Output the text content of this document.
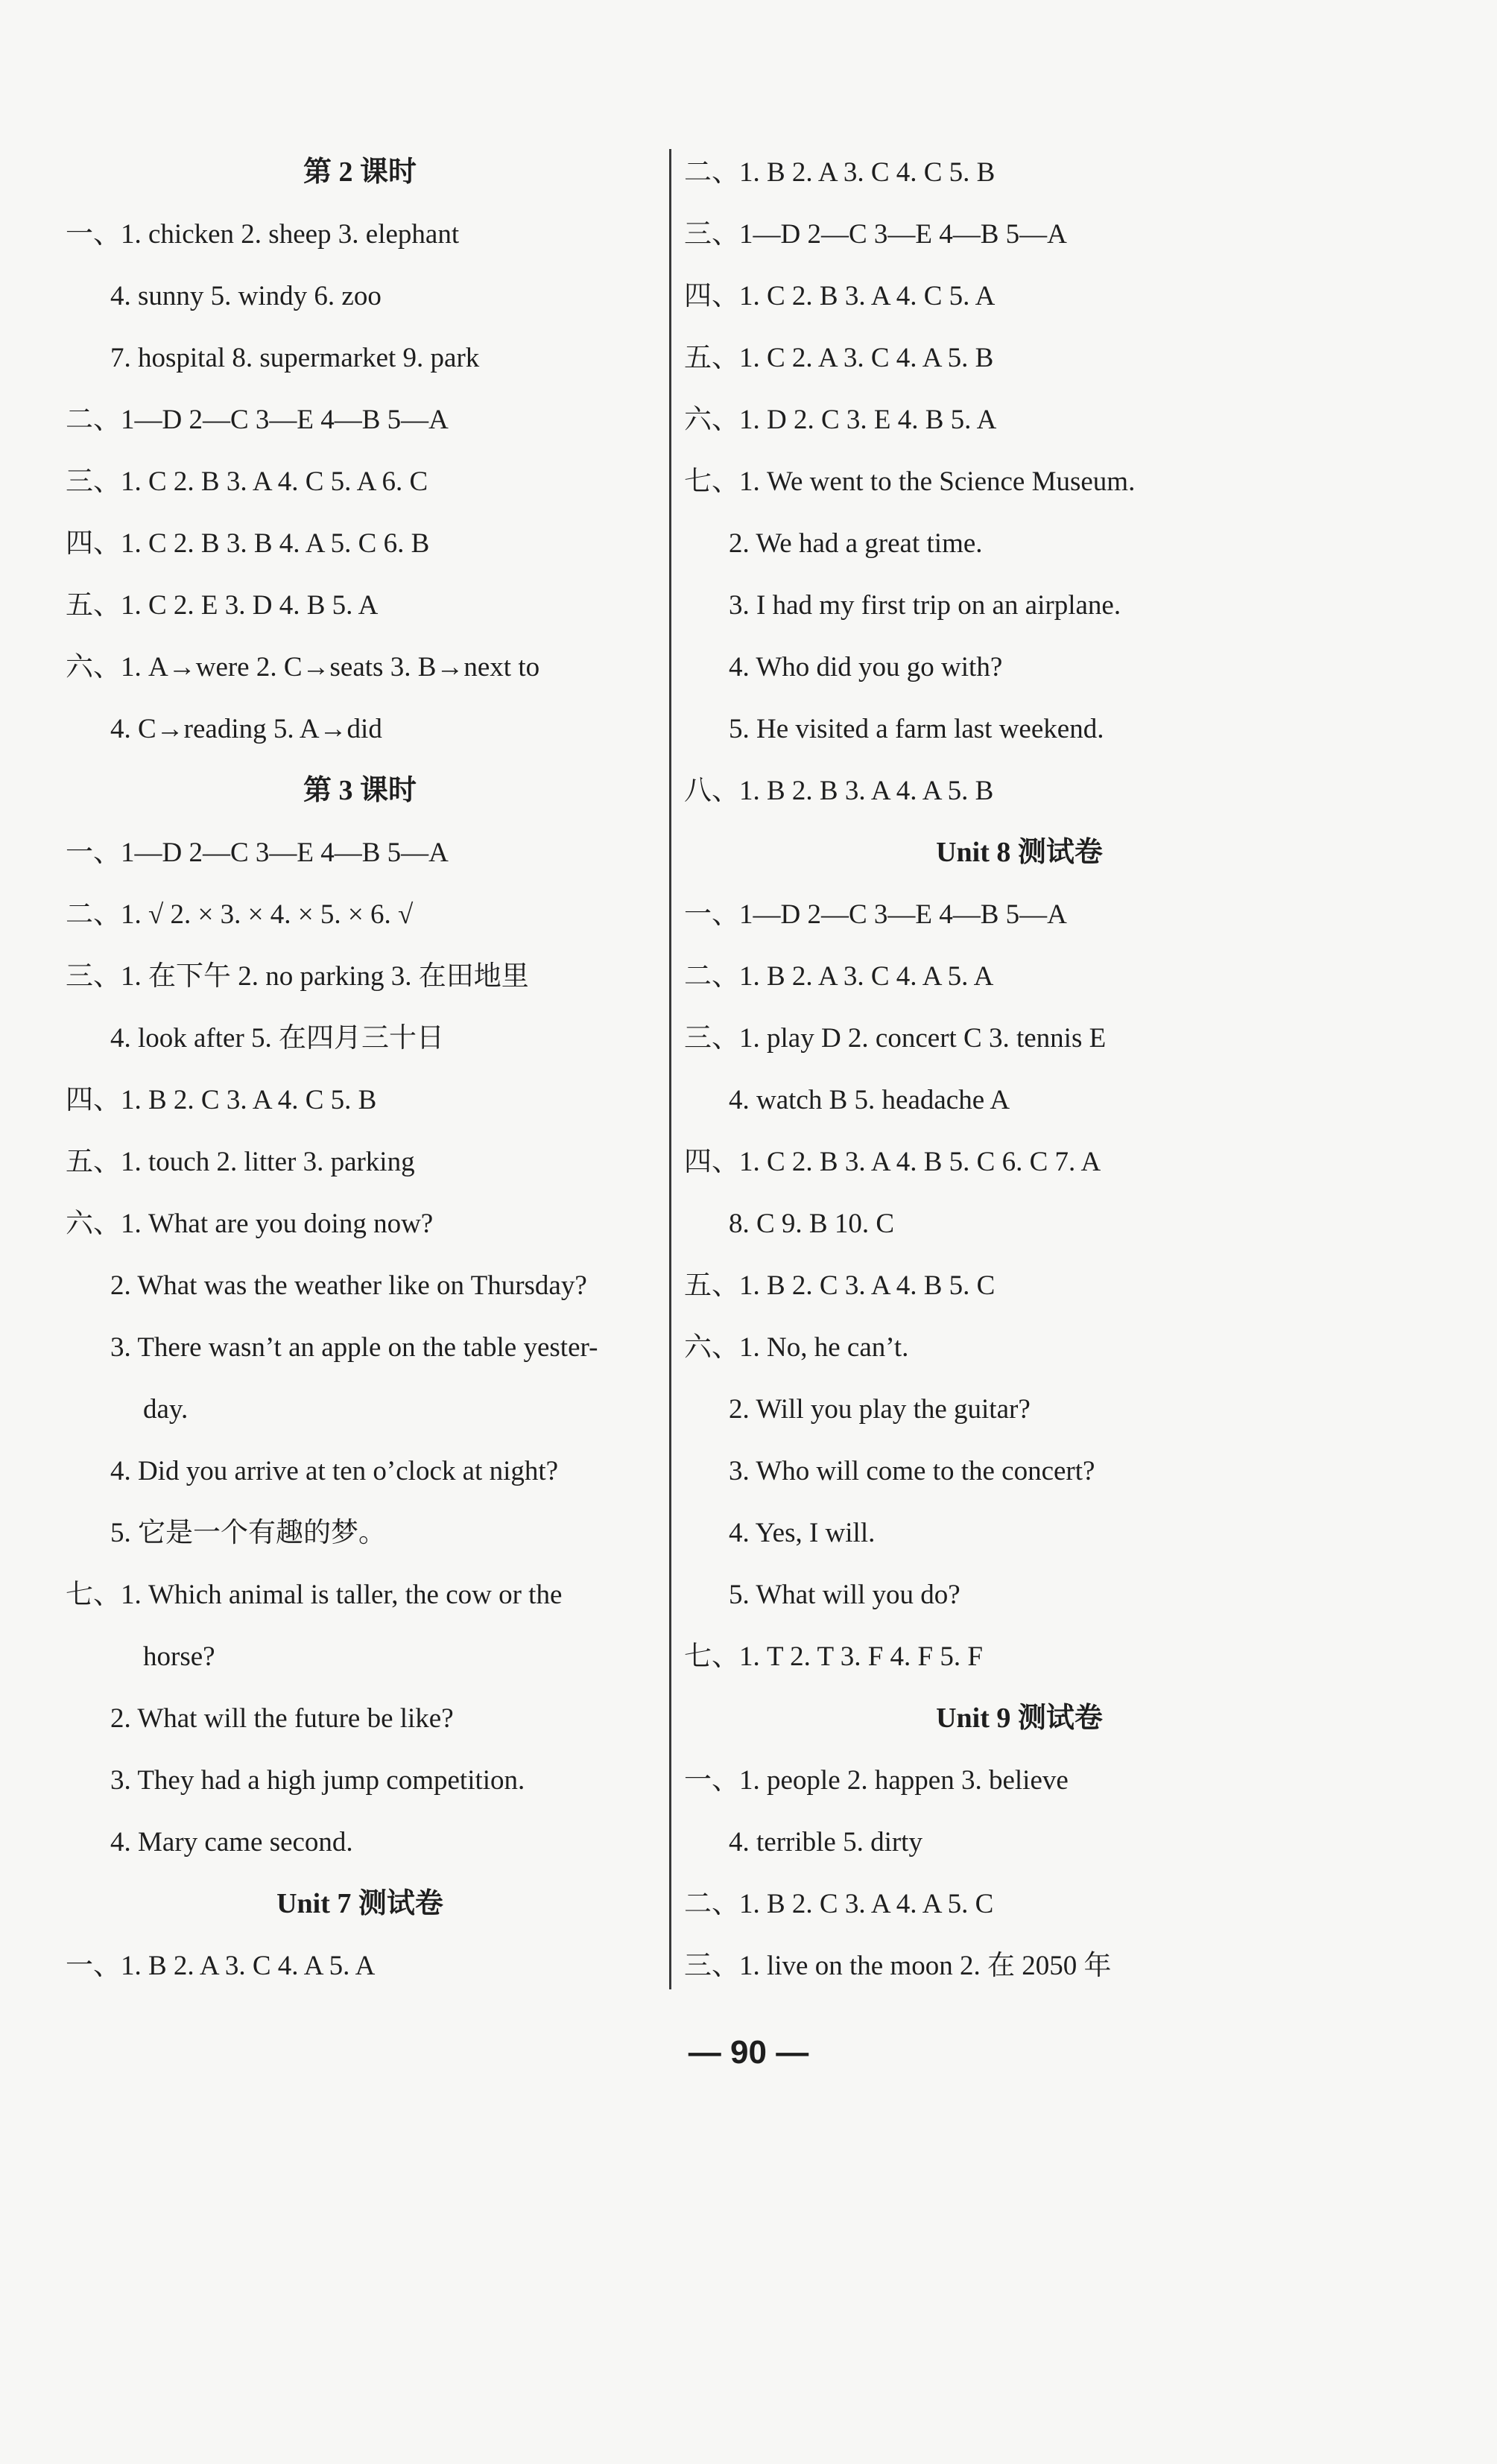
第 2 课时
一、1. chicken 2. sheep 3. elephant
4. sunny 5. windy 6. zoo
7. hospital 8. supermarket 9. park
二、1—D 2—C 3—E 4—B 5—A
三、1. C 2. B 3. A 4. C 5. A 6. C
四、1. C 2. B 3. B 4. A 5. C 6. B
五、1. C 2. E 3. D 4. B 5. A
六、1. A→were 2. C→seats 3. B→next to
4. C→reading 5. A→did
第 3 课时
一、1—D 2—C 3—E 4—B 5—A
二、1. √ 2. × 3. × 4. × 5. × 6. √
三、1. 在下午 2. no parking 3. 在田地里
4. look after 5. 在四月三十日
四、1. B 2. C 3. A 4. C 5. B
五、1. touch 2. litter 3. parking
六、1. What are you doing now?
2. What was the weather like on Thursday?
3. There wasn’t an apple on the table yester-
day.
4. Did you arrive at ten o’clock at night?
5. 它是一个有趣的梦。
七、1. Which animal is taller, the cow or the
horse?
2. What will the future be like?
3. They had a high jump competition.
4. Mary came second.
Unit 7 测试卷
一、1. B 2. A 3. C 4. A 5. A
二、1. B 2. A 3. C 4. C 5. B
三、1—D 2—C 3—E 4—B 5—A
四、1. C 2. B 3. A 4. C 5. A
五、1. C 2. A 3. C 4. A 5. B
六、1. D 2. C 3. E 4. B 5. A
七、1. We went to the Science Museum.
2. We had a great time.
3. I had my first trip on an airplane.
4. Who did you go with?
5. He visited a farm last weekend.
八、1. B 2. B 3. A 4. A 5. B
Unit 8 测试卷
一、1—D 2—C 3—E 4—B 5—A
二、1. B 2. A 3. C 4. A 5. A
三、1. play D 2. concert C 3. tennis E
4. watch B 5. headache A
四、1. C 2. B 3. A 4. B 5. C 6. C 7. A
8. C 9. B 10. C
五、1. B 2. C 3. A 4. B 5. C
六、1. No, he can’t.
2. Will you play the guitar?
3. Who will come to the concert?
4. Yes, I will.
5. What will you do?
七、1. T 2. T 3. F 4. F 5. F
Unit 9 测试卷
一、1. people 2. happen 3. believe
4. terrible 5. dirty
二、1. B 2. C 3. A 4. A 5. C
三、1. live on the moon 2. 在 2050 年
— 90 —
